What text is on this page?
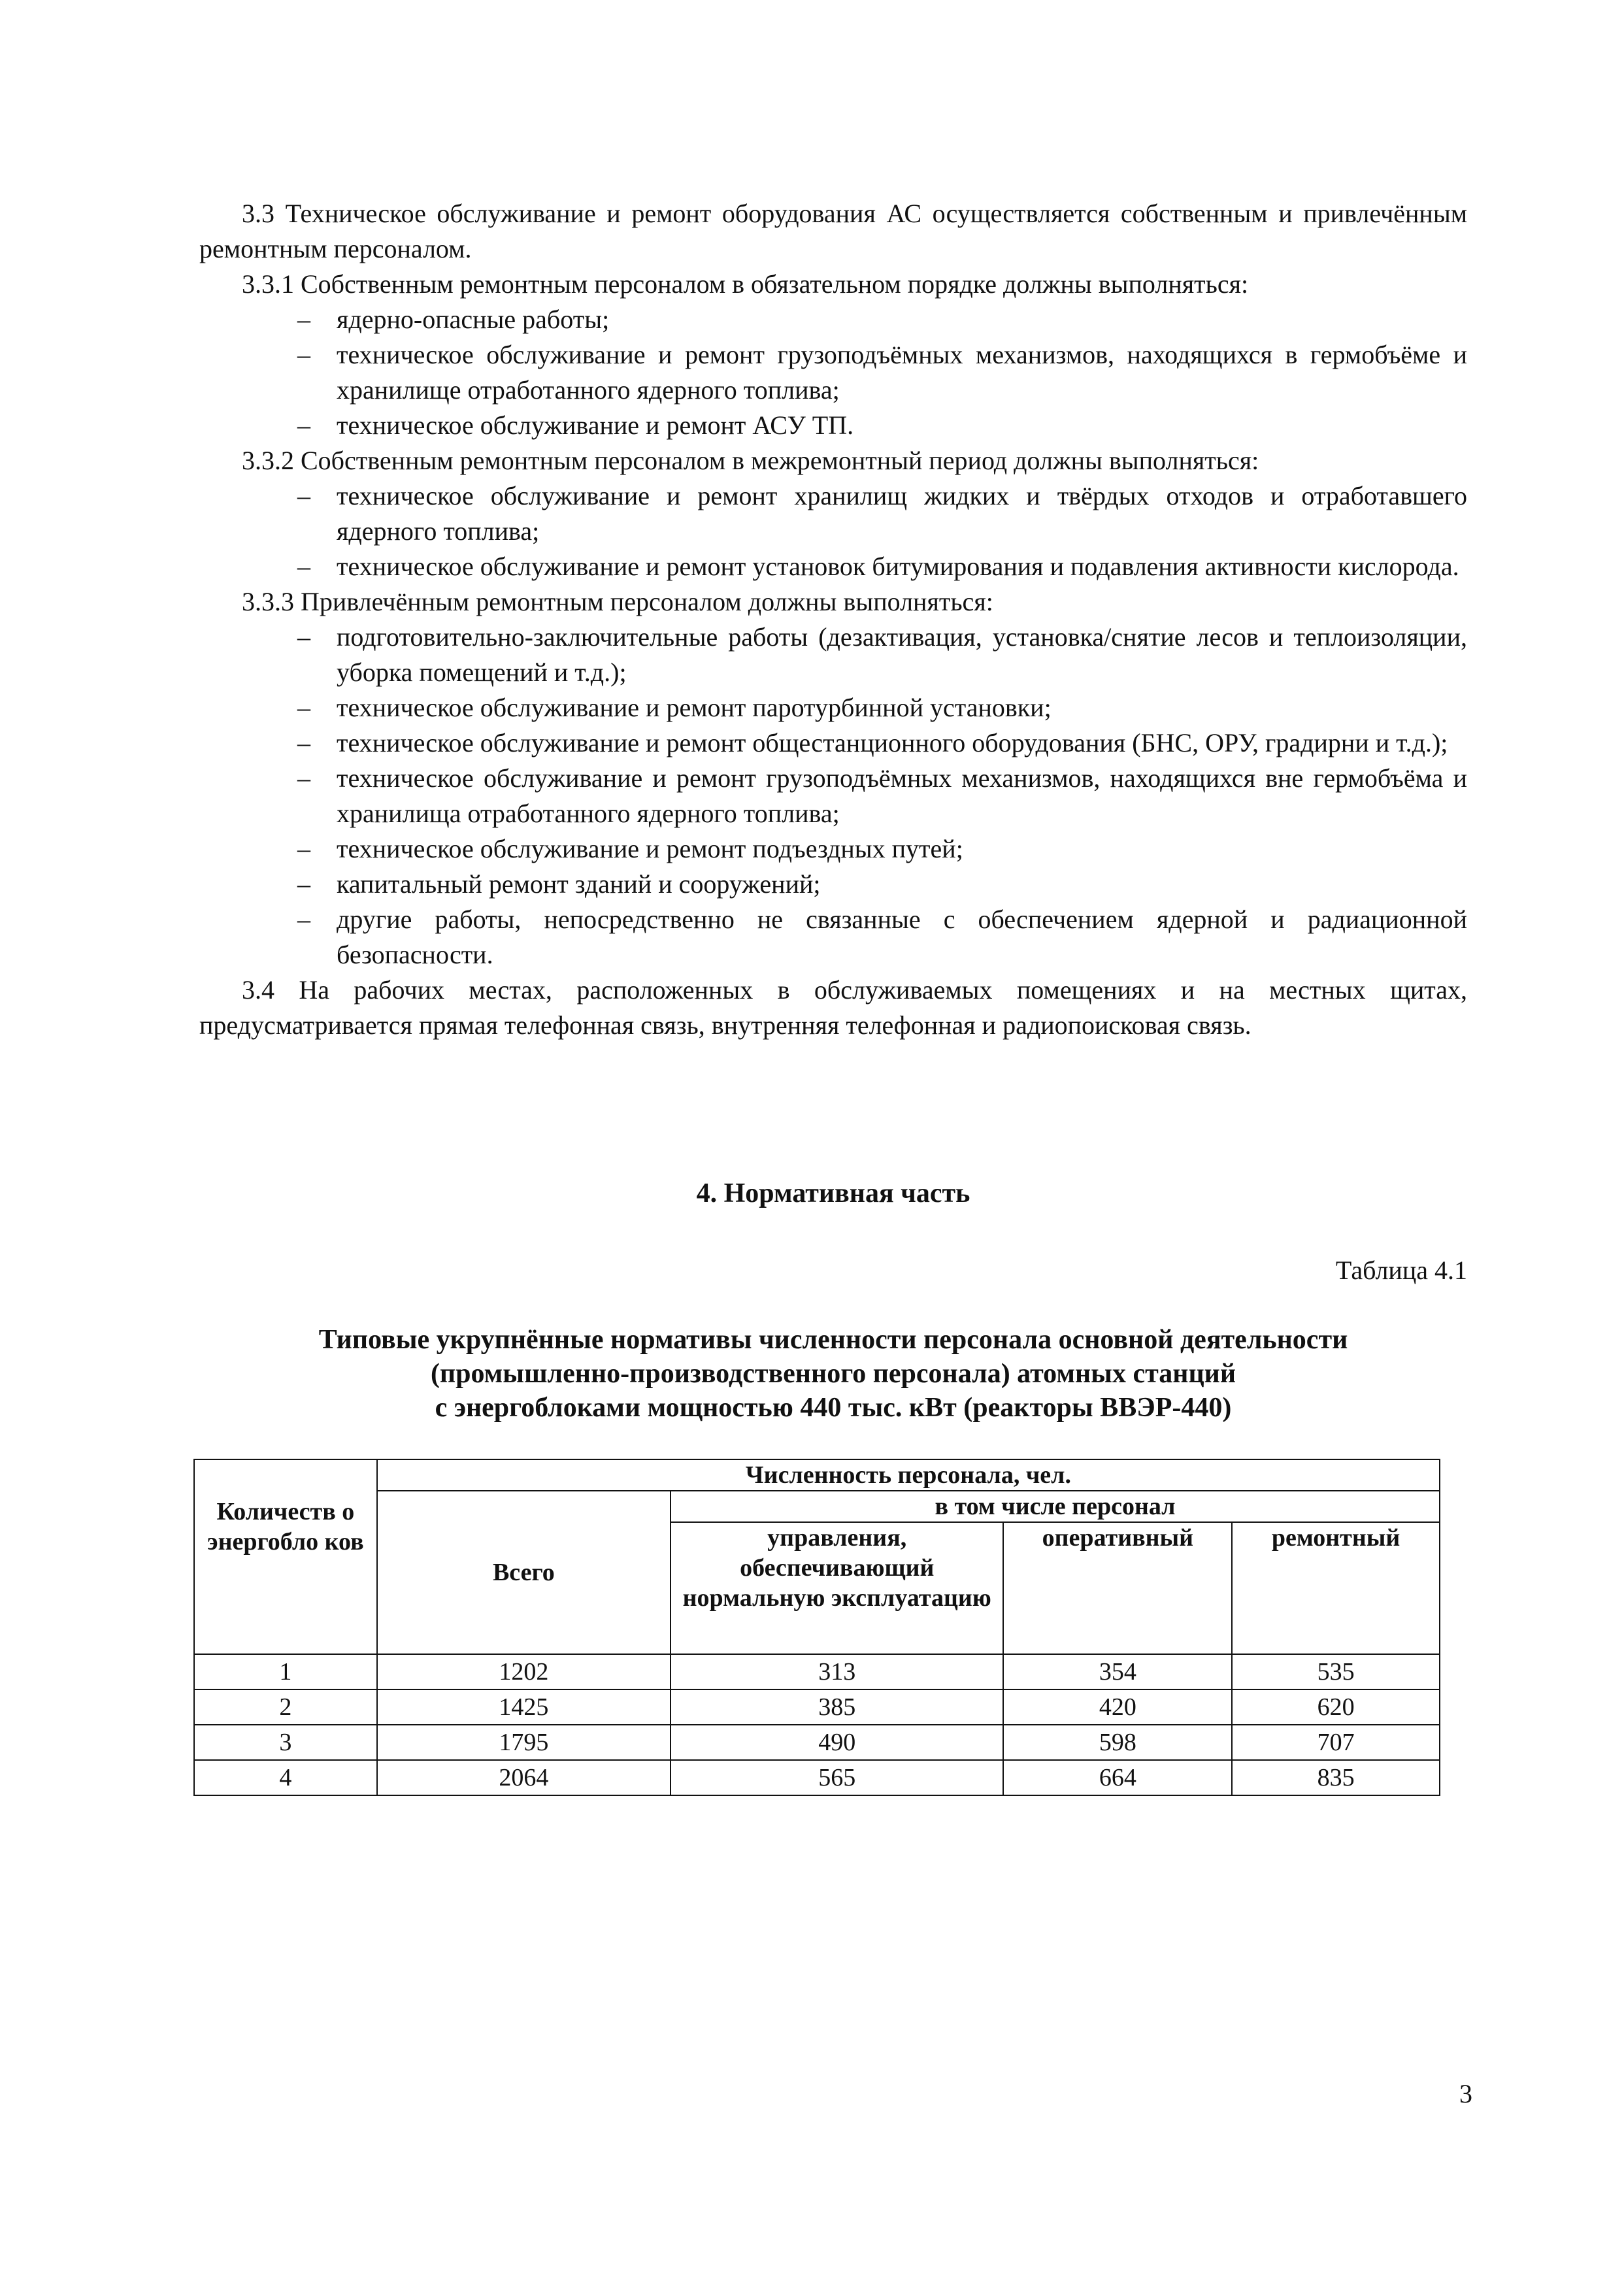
3.3 Техническое обслуживание и ремонт оборудования АС осуществляется собственным и привлечённым ремонтным персоналом.

3.3.1 Собственным ремонтным персоналом в обязательном порядке должны выполняться:

– ядерно-опасные работы;
– техническое обслуживание и ремонт грузоподъёмных механизмов, находящихся в гермобъёме и хранилище отработанного ядерного топлива;
– техническое обслуживание и ремонт АСУ ТП.

3.3.2 Собственным ремонтным персоналом в межремонтный период должны выполняться:

– техническое обслуживание и ремонт хранилищ жидких и твёрдых отходов и отработавшего ядерного топлива;
– техническое обслуживание и ремонт установок битумирования и подавления активности кислорода.

3.3.3 Привлечённым ремонтным персоналом должны выполняться:

– подготовительно-заключительные работы (дезактивация, установка/снятие лесов и теплоизоляции, уборка помещений и т.д.);
– техническое обслуживание и ремонт паротурбинной установки;
– техническое обслуживание и ремонт общестанционного оборудования (БНС, ОРУ, градирни и т.д.);
– техническое обслуживание и ремонт грузоподъёмных механизмов, находящихся вне гермобъёма и хранилища отработанного ядерного топлива;
– техническое обслуживание и ремонт подъездных путей;
– капитальный ремонт зданий и сооружений;
– другие работы, непосредственно не связанные с обеспечением ядерной и радиационной безопасности.

3.4 На рабочих местах, расположенных в обслуживаемых помещениях и на местных щитах, предусматривается прямая телефонная связь, внутренняя телефонная и радиопоисковая связь.

4. Нормативная часть
Таблица 4.1
Типовые укрупнённые нормативы численности персонала основной деятельности
(промышленно-производственного персонала) атомных станций
с энергоблоками мощностью 440 тыс. кВт (реакторы ВВЭР-440)
Количеств о энергобло ков	Численность персонала, чел.			
	Всего	в том числе персонал		
		управления, обеспечивающий нормальную эксплуатацию	оперативный	ремонтный
1	1202	313	354	535
2	1425	385	420	620
3	1795	490	598	707
4	2064	565	664	835
3
